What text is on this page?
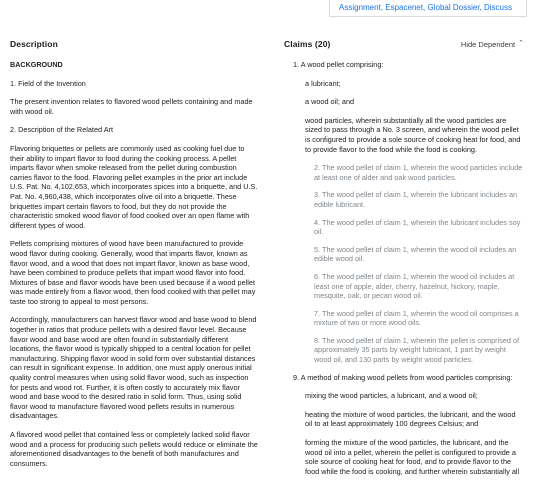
Assignment, Espacenet, Global Dossier, Discuss
Description

BACKGROUND

1. Field of the Invention

The present invention relates to flavored wood pellets containing and made with wood oil.

2. Description of the Related Art

Flavoring briquettes or pellets are commonly used as cooking fuel due to their ability to impart flavor to food during the cooking process. A pellet imparts flavor when smoke released from the pellet during combustion carries flavor to the food. Flavoring pellet examples in the prior art include U.S. Pat. No. 4,102,653, which incorporates spices into a briquette, and U.S. Pat. No. 4,960,438, which incorporates olive oil into a briquette. These briquettes impart certain flavors to food, but they do not provide the characteristic smoked wood flavor of food cooked over an open flame with different types of wood.

Pellets comprising mixtures of wood have been manufactured to provide wood flavor during cooking. Generally, wood that imparts flavor, known as flavor wood, and a wood that does not impart flavor, known as base wood, have been combined to produce pellets that impart wood flavor into food. Mixtures of base and flavor woods have been used because if a wood pellet was made entirely from a flavor wood, then food cooked with that pellet may taste too strong to appeal to most persons.

Accordingly, manufacturers can harvest flavor wood and base wood to blend together in ratios that produce pellets with a desired flavor level. Because flavor wood and base wood are often found in substantially different locations, the flavor wood is typically shipped to a central location for pellet manufacturing. Shipping flavor wood in solid form over substantial distances can result in significant expense. In addition, one must apply onerous initial quality control measures when using solid flavor wood, such as inspection for pests and wood rot. Further, it is often costly to accurately mix flavor wood and base wood to the desired ratio in solid form. Thus, using solid flavor wood to manufacture flavored wood pellets results in numerous disadvantages.

A flavored wood pellet that contained less or completely lacked solid flavor wood and a process for producing such pellets would reduce or eliminate the aforementioned disadvantages to the benefit of both manufactures and consumers.

Claims (20)	Hide Dependent ⌃
1. A wood pellet comprising:
a lubricant;
a wood oil; and
wood particles, wherein substantially all the wood particles are sized to pass through a No. 3 screen, and wherein the wood pellet is configured to provide a sole source of cooking heat for food, and to provide flavor to the food while the food is cooking.
2. The wood pellet of claim 1, wherein the wood particles include at least one of alder and oak wood particles.
3. The wood pellet of claim 1, wherein the lubricant includes an edible lubricant.
4. The wood pellet of claim 1, wherein the lubricant includes soy oil.
5. The wood pellet of claim 1, wherein the wood oil includes an edible wood oil.
6. The wood pellet of claim 1, wherein the wood oil includes at least one of apple, alder, cherry, hazelnut, hickory, maple, mesquite, oak, or pecan wood oil.
7. The wood pellet of claim 1, wherein the wood oil comprises a mixture of two or more wood oils.
8. The wood pellet of claim 1, wherein the pellet is comprised of approximately 35 parts by weight lubricant, 1 part by weight wood oil, and 130 parts by weight wood particles.
9. A method of making wood pellets from wood particles comprising:
mixing the wood particles, a lubricant, and a wood oil;
heating the mixture of wood particles, the lubricant, and the wood oil to at least approximately 100 degrees Celsius; and
forming the mixture of the wood particles, the lubricant, and the wood oil into a pellet, wherein the pellet is configured to provide a sole source of cooking heat for food, and to provide flavor to the food while the food is cooking, and further wherein substantially all
